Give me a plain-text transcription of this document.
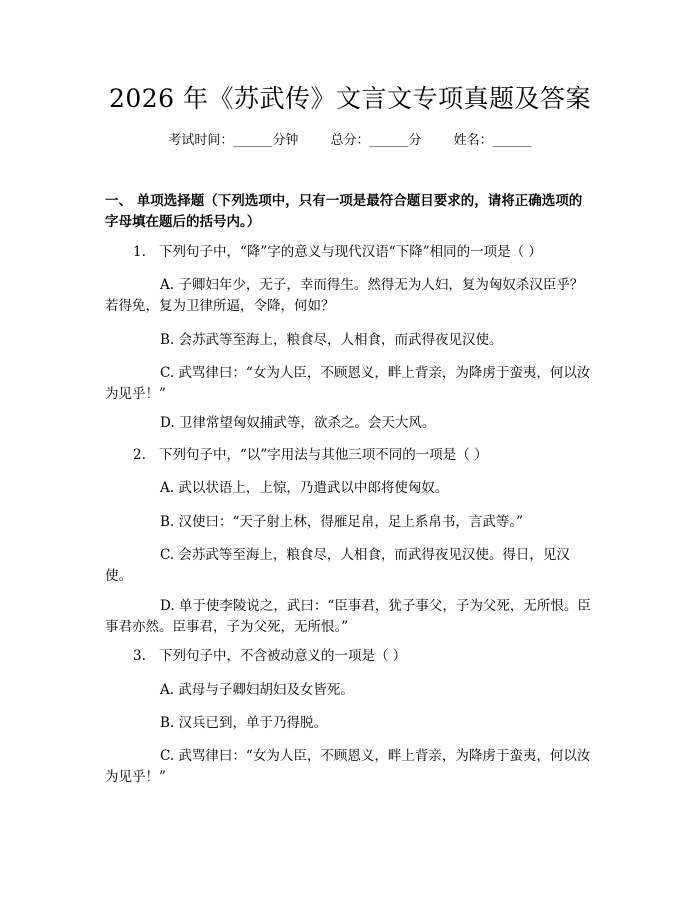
2026 年《苏武传》文言文专项真题及答案
考试时间：______分钟 总分：______分 姓名：______
一、 单项选择题（下列选项中，只有一项是最符合题目要求的，请将正确选项的字母填在题后的括号内。）
1. 下列句子中，“降”字的意义与现代汉语“下降”相同的一项是（ ）
A. 子卿妇年少，无子，幸而得生。然得无为人妇，复为匈奴杀汉臣乎？若得免，复为卫律所逼，令降，何如？
B. 会苏武等至海上，粮食尽，人相食，而武得夜见汉使。
C. 武骂律曰：“女为人臣，不顾恩义，畔上背亲，为降虏于蛮夷，何以汝为见乎！”
D. 卫律常望匈奴捕武等，欲杀之。会天大风。
2. 下列句子中，“以”字用法与其他三项不同的一项是（ ）
A. 武以状语上，上惊，乃遣武以中郎将使匈奴。
B. 汉使曰：“天子射上林，得雁足帛，足上系帛书，言武等。”
C. 会苏武等至海上，粮食尽，人相食，而武得夜见汉使。得日，见汉使。
D. 单于使李陵说之，武曰：“臣事君，犹子事父，子为父死，无所恨。臣事君亦然。臣事君，子为父死，无所恨。”
3. 下列句子中，不含被动意义的一项是（ ）
A. 武母与子卿妇胡妇及女皆死。
B. 汉兵已到，单于乃得脱。
C. 武骂律曰：“女为人臣，不顾恩义，畔上背亲，为降虏于蛮夷，何以汝为见乎！”
